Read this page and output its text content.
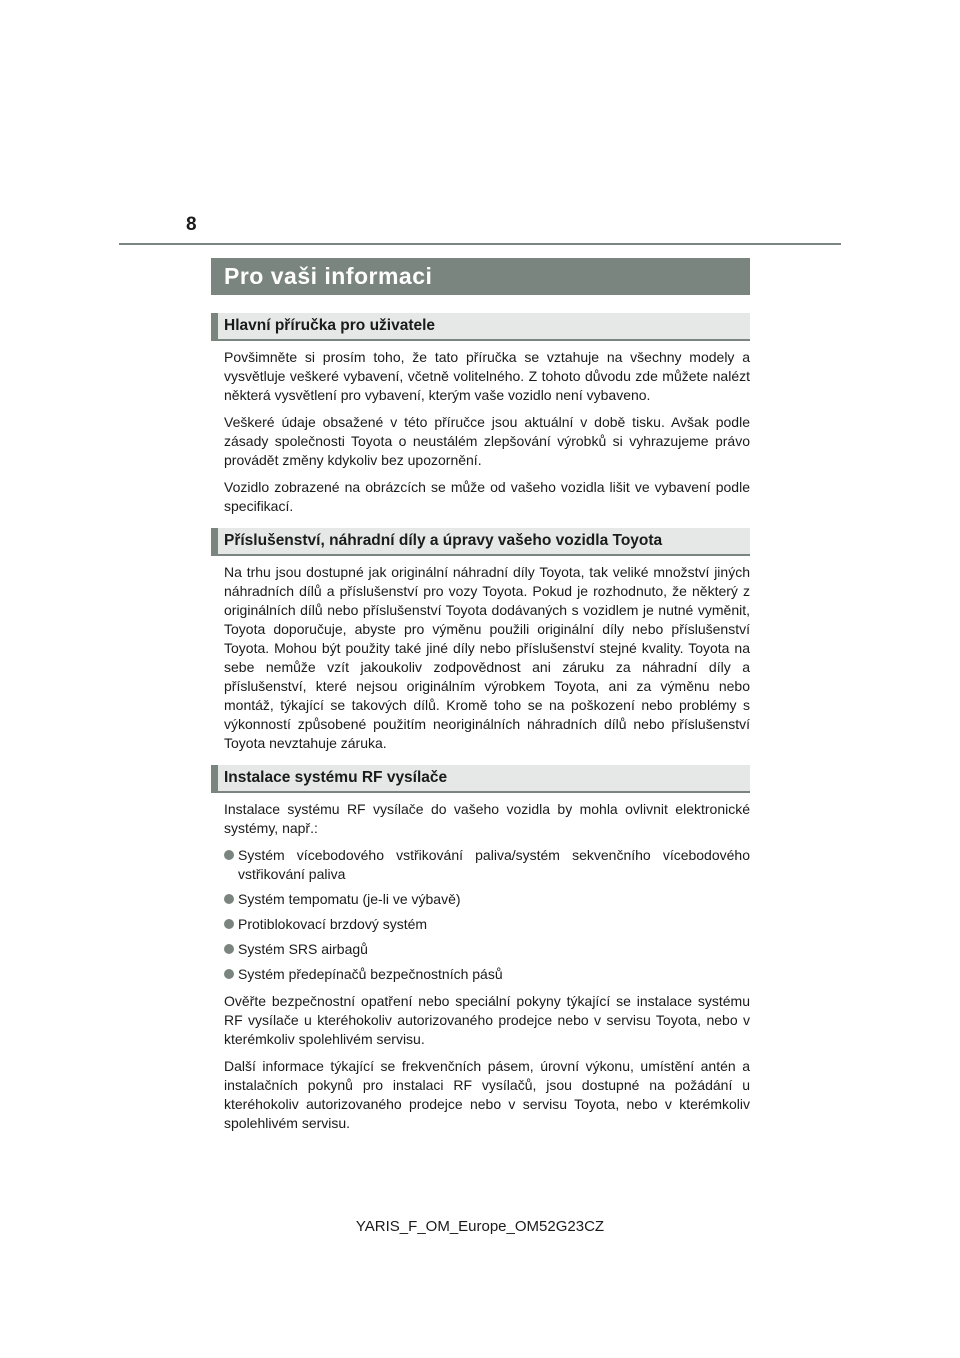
8
Pro vaši informaci
Hlavní příručka pro uživatele

Povšimněte si prosím toho, že tato příručka se vztahuje na všechny modely a vysvětluje veškeré vybavení, včetně volitelného. Z tohoto důvodu zde můžete nalézt některá vysvětlení pro vybavení, kterým vaše vozidlo není vybaveno.

Veškeré údaje obsažené v této příručce jsou aktuální v době tisku. Avšak podle zásady společnosti Toyota o neustálém zlepšování výrobků si vyhrazujeme právo provádět změny kdykoliv bez upozornění.

Vozidlo zobrazené na obrázcích se může od vašeho vozidla lišit ve vybavení podle specifikací.

Příslušenství, náhradní díly a úpravy vašeho vozidla Toyota

Na trhu jsou dostupné jak originální náhradní díly Toyota, tak veliké množství jiných náhradních dílů a příslušenství pro vozy Toyota. Pokud je rozhodnuto, že některý z originálních dílů nebo příslušenství Toyota dodávaných s vozidlem je nutné vyměnit, Toyota doporučuje, abyste pro výměnu použili originální díly nebo příslušenství Toyota. Mohou být použity také jiné díly nebo příslušenství stejné kvality. Toyota na sebe nemůže vzít jakoukoliv zodpovědnost ani záruku za náhradní díly a příslušenství, které nejsou originálním výrobkem Toyota, ani za výměnu nebo montáž, týkající se takových dílů. Kromě toho se na poškození nebo problémy s výkonností způsobené použitím neoriginálních náhradních dílů nebo příslušenství Toyota nevztahuje záruka.

Instalace systému RF vysílače

Instalace systému RF vysílače do vašeho vozidla by mohla ovlivnit elektronické systémy, např.:

Systém vícebodového vstřikování paliva/systém sekvenčního vícebodového vstřikování paliva
Systém tempomatu (je-li ve výbavě)
Protiblokovací brzdový systém
Systém SRS airbagů
Systém předepínačů bezpečnostních pásů

Ověřte bezpečnostní opatření nebo speciální pokyny týkající se instalace systému RF vysílače u kteréhokoliv autorizovaného prodejce nebo v servisu Toyota, nebo v kterémkoliv spolehlivém servisu.

Další informace týkající se frekvenčních pásem, úrovní výkonu, umístění antén a instalačních pokynů pro instalaci RF vysílačů, jsou dostupné na požádání u kteréhokoliv autorizovaného prodejce nebo v servisu Toyota, nebo v kterémkoliv spolehlivém servisu.

YARIS_F_OM_Europe_OM52G23CZ
